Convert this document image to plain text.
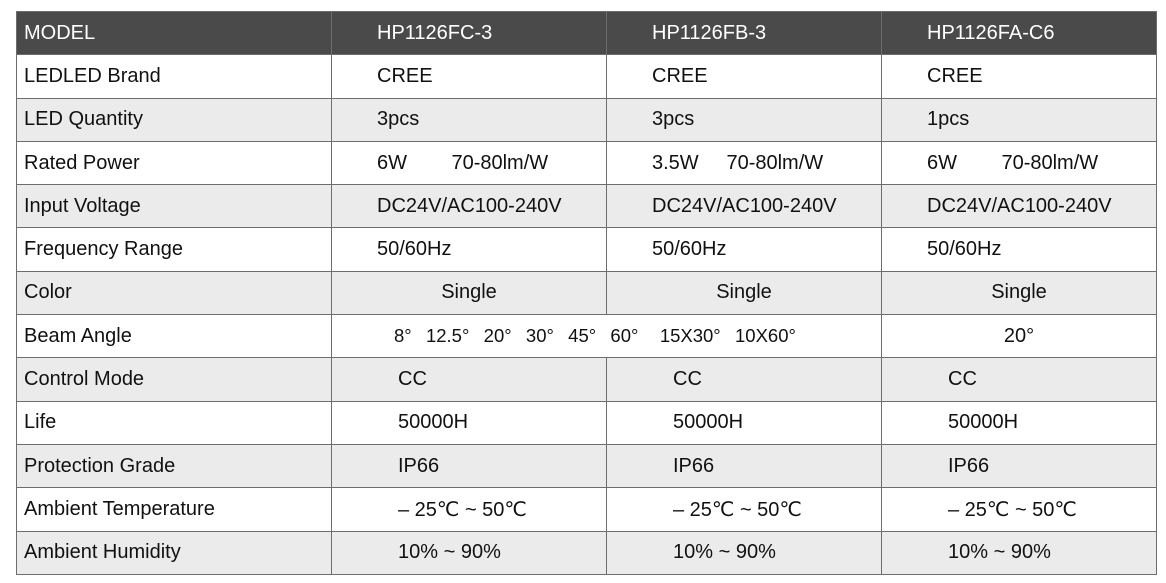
MODEL	HP1126FC-3	HP1126FB-3	HP1126FA-C6
LEDLED Brand	CREE	CREE	CREE
LED Quantity	3pcs	3pcs	1pcs
Rated Power	6W        70-80lm/W	3.5W     70-80lm/W	6W        70-80lm/W
Input Voltage	DC24V/AC100-240V	DC24V/AC100-240V	DC24V/AC100-240V
Frequency Range	50/60Hz	50/60Hz	50/60Hz
Color	Single	Single	Single
Beam Angle	8°  12.5°  20°  30°  45°  60°   15X30°  10X60°		20°
Control Mode	CC	CC	CC
Life	50000H	50000H	50000H
Protection Grade	IP66	IP66	IP66
Ambient Temperature	– 25℃ ~ 50℃	– 25℃ ~ 50℃	– 25℃ ~ 50℃
Ambient Humidity	10% ~ 90%	10% ~ 90%	10% ~ 90%
